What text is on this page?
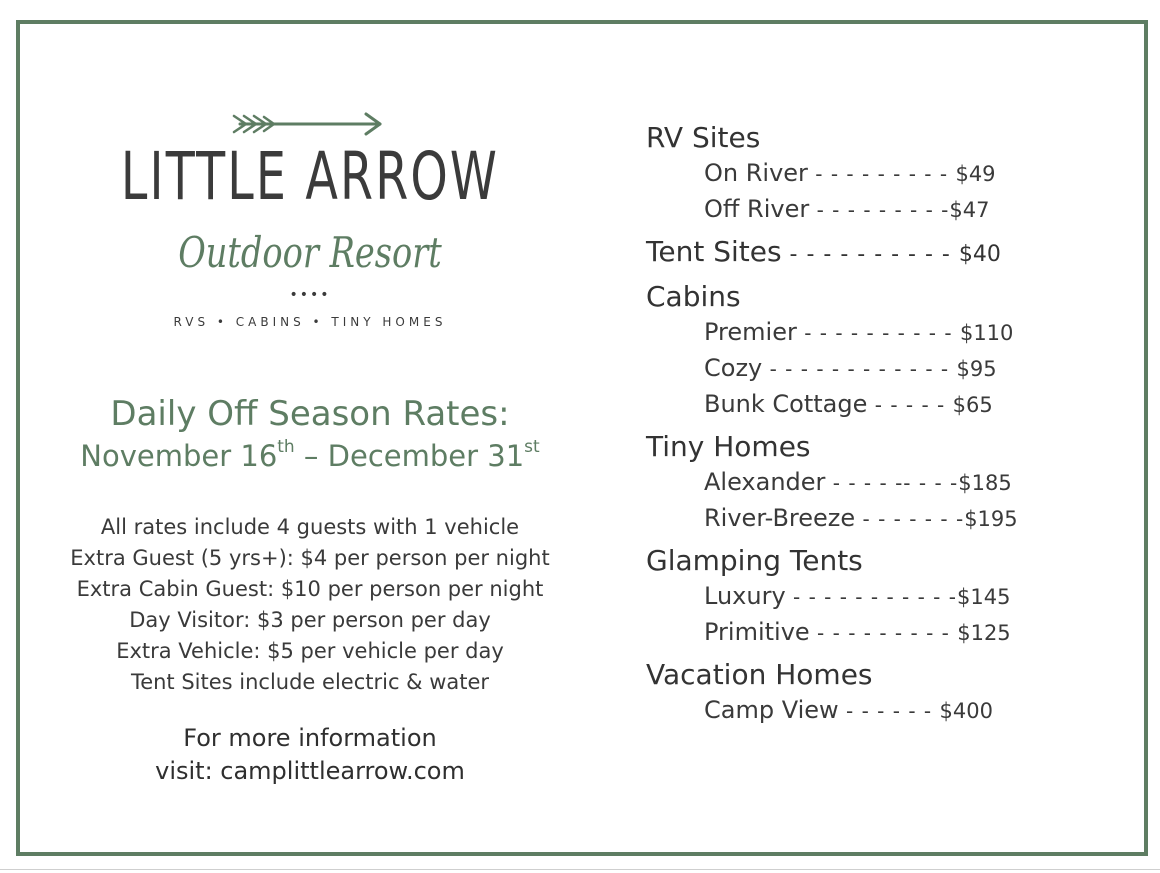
LITTLE ARROW
Outdoor Resort
••••
RVS • CABINS • TINY HOMES
Daily Off Season Rates:
November 16th – December 31st
All rates include 4 guests with 1 vehicle
Extra Guest (5 yrs+): $4 per person per night
Extra Cabin Guest: $10 per person per night
Day Visitor: $3 per person per day
Extra Vehicle: $5 per vehicle per day
Tent Sites include electric & water
For more information
visit: camplittlearrow.com
RV Sites
On River - - - - - - - - - $49
Off River - - - - - - - - -$47
Tent Sites - - - - - - - - - - $40
Cabins
Premier - - - - - - - - - - $110
Cozy - - - - - - - - - - - - $95
Bunk Cottage - - - - - $65
Tiny Homes
Alexander - - - - -- - - -$185
River-Breeze - - - - - - -$195
Glamping Tents
Luxury - - - - - - - - - - -$145
Primitive - - - - - - - - - $125
Vacation Homes
Camp View - - - - - - $400
